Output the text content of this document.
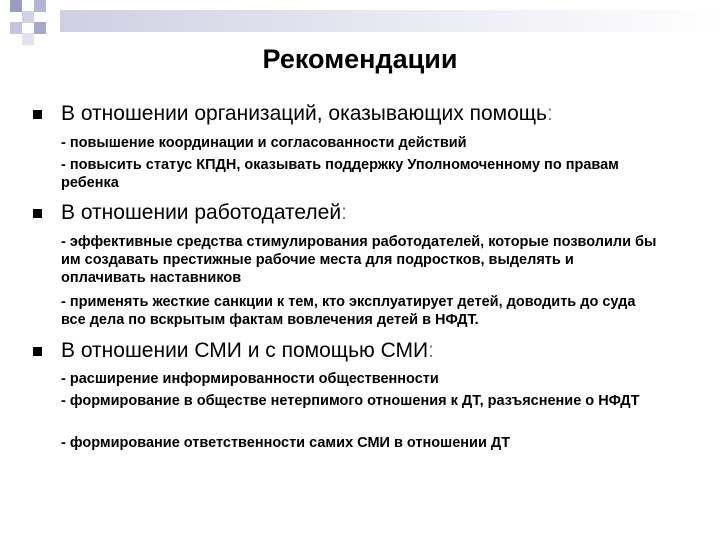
Рекомендации
В отношении организаций, оказывающих помощь:
- повышение координации и согласованности действий
- повысить статус КПДН, оказывать поддержку Уполномоченному по правам ребенка
В отношении работодателей:
- эффективные средства стимулирования работодателей, которые позволили бы им создавать престижные рабочие места для подростков, выделять и оплачивать наставников
- применять жесткие санкции к тем, кто эксплуатирует детей, доводить до суда все дела по вскрытым фактам вовлечения детей в НФДТ.
В отношении СМИ и с помощью СМИ:
- расширение информированности общественности
- формирование в обществе нетерпимого отношения к ДТ, разъяснение о НФДТ
- формирование ответственности самих СМИ в отношении ДТ
